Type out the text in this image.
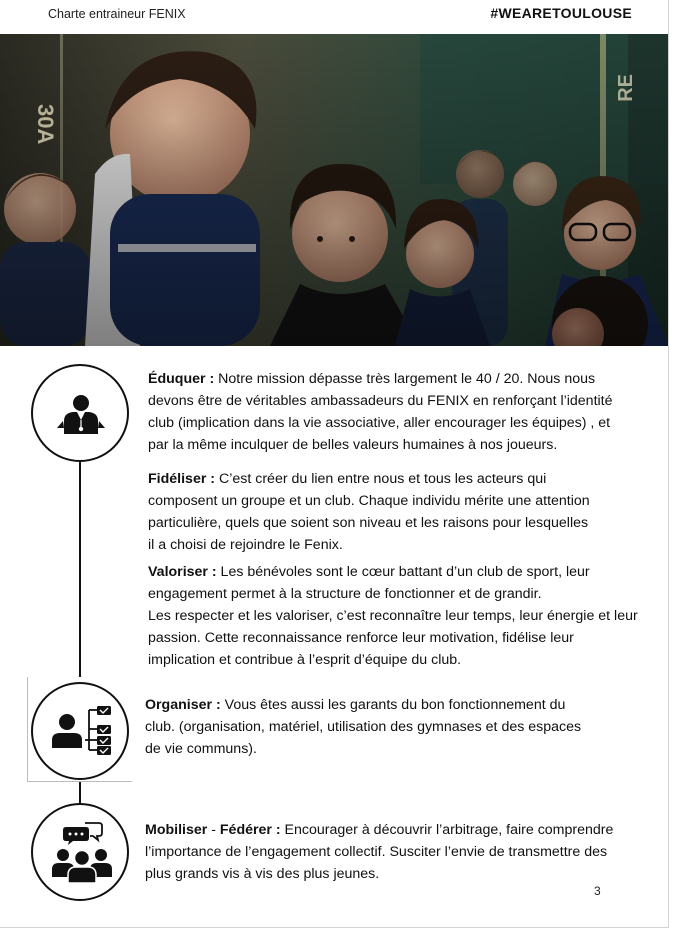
Charte entraineur FENIX	#WEARETOULOUSE
30A
RE
Éduquer : Notre mission dépasse très largement le 40 / 20. Nous nous
devons être de véritables ambassadeurs du FENIX en renforçant l’identité
club (implication dans la vie associative, aller encourager les équipes) , et
par la même inculquer de belles valeurs humaines à nos joueurs.
Fidéliser : C’est créer du lien entre nous et tous les acteurs qui
composent un groupe et un club. Chaque individu mérite une attention
particulière, quels que soient son niveau et les raisons pour lesquelles
il a choisi de rejoindre le Fenix.
Valoriser : Les bénévoles sont le cœur battant d’un club de sport, leur
engagement permet à la structure de fonctionner et de grandir.
Les respecter et les valoriser, c’est reconnaître leur temps, leur énergie et leur
passion. Cette reconnaissance renforce leur motivation, fidélise leur
implication et contribue à l’esprit d’équipe du club.
Organiser : Vous êtes aussi les garants du bon fonctionnement du
club. (organisation, matériel, utilisation des gymnases et des espaces
de vie communs).
Mobiliser - Fédérer : Encourager à découvrir l’arbitrage, faire comprendre
l’importance de l’engagement collectif. Susciter l’envie de transmettre des
plus grands vis à vis des plus jeunes.
3
